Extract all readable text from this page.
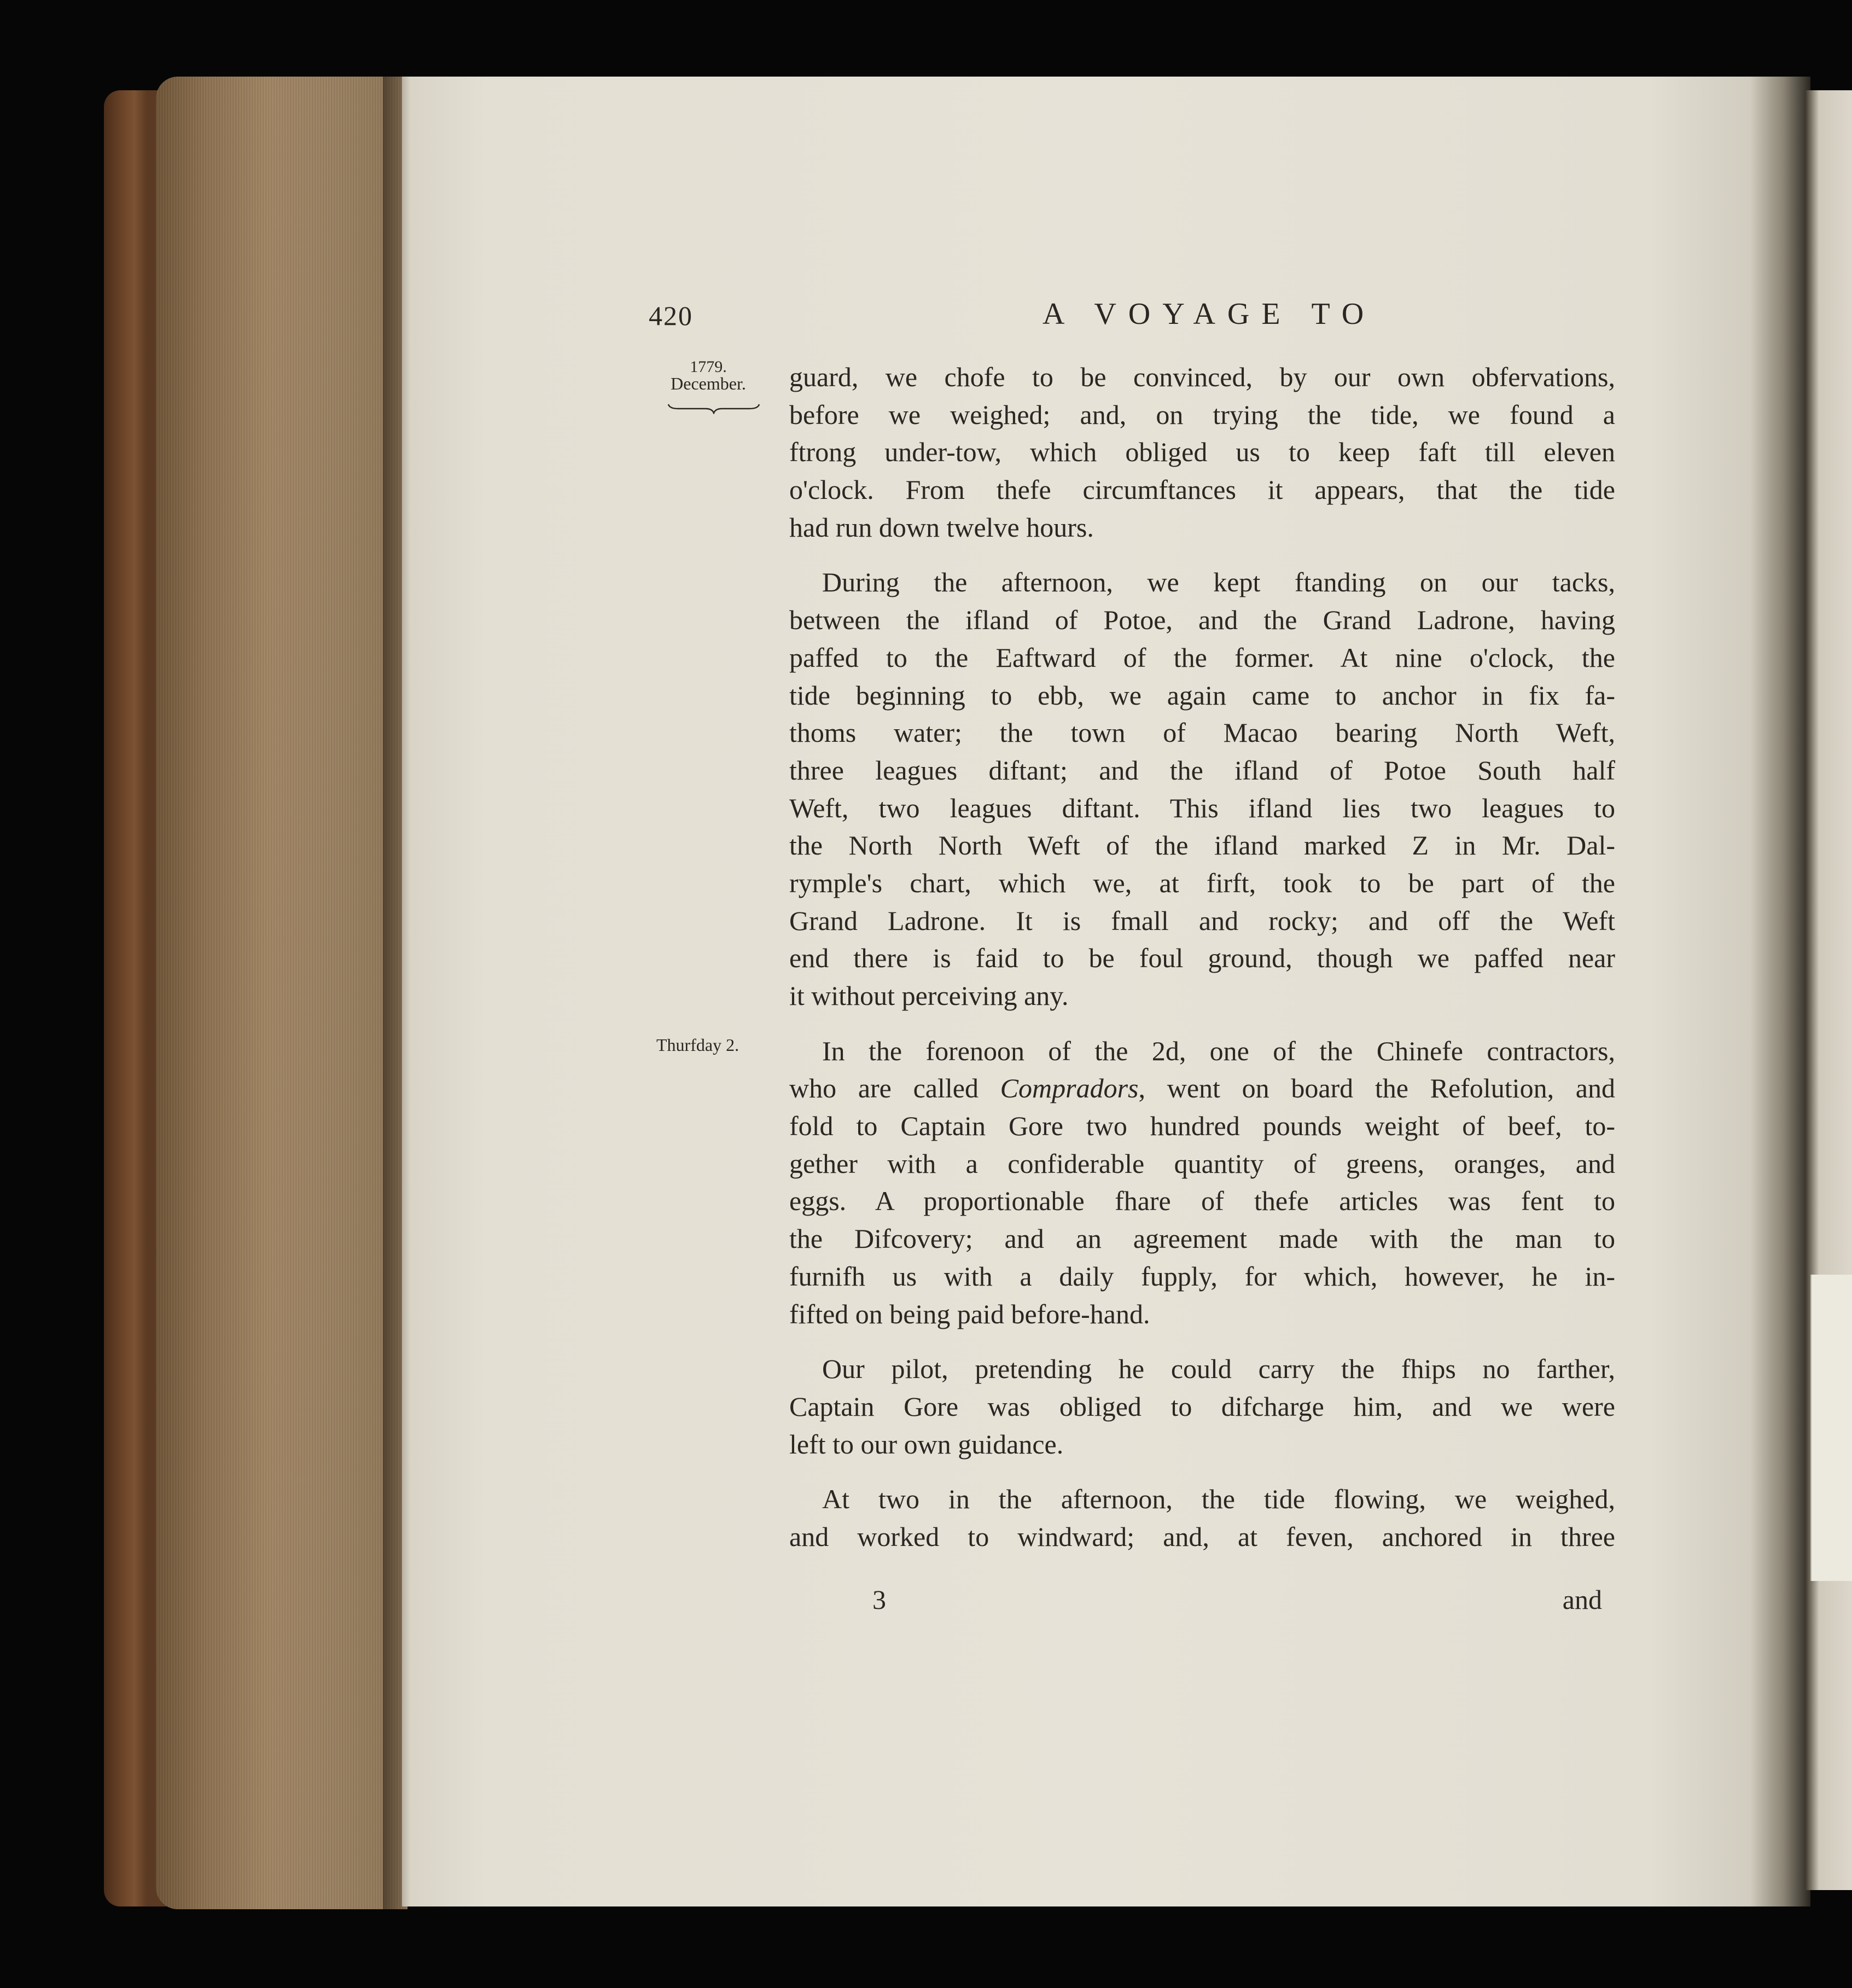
420	A VOYAGE TO
1779.
December.
Thurfday 2.
guard, we chofe to be convinced, by our own obfervations,
before we weighed; and, on trying the tide, we found a
ftrong under-tow, which obliged us to keep faft till eleven
o'clock. From thefe circumftances it appears, that the tide
had run down twelve hours.
During the afternoon, we kept ftanding on our tacks,
between the ifland of Potoe, and the Grand Ladrone, having
paffed to the Eaftward of the former. At nine o'clock, the
tide beginning to ebb, we again came to anchor in fix fa-
thoms water; the town of Macao bearing North Weft,
three leagues diftant; and the ifland of Potoe South half
Weft, two leagues diftant. This ifland lies two leagues to
the North North Weft of the ifland marked Z in Mr. Dal-
rymple's chart, which we, at firft, took to be part of the
Grand Ladrone. It is fmall and rocky; and off the Weft
end there is faid to be foul ground, though we paffed near
it without perceiving any.
In the forenoon of the 2d, one of the Chinefe contractors,
who are called Compradors, went on board the Refolution, and
fold to Captain Gore two hundred pounds weight of beef, to-
gether with a confiderable quantity of greens, oranges, and
eggs. A proportionable fhare of thefe articles was fent to
the Difcovery; and an agreement made with the man to
furnifh us with a daily fupply, for which, however, he in-
fifted on being paid before-hand.
Our pilot, pretending he could carry the fhips no farther,
Captain Gore was obliged to difcharge him, and we were
left to our own guidance.
At two in the afternoon, the tide flowing, we weighed,
and worked to windward; and, at feven, anchored in three
3	and
